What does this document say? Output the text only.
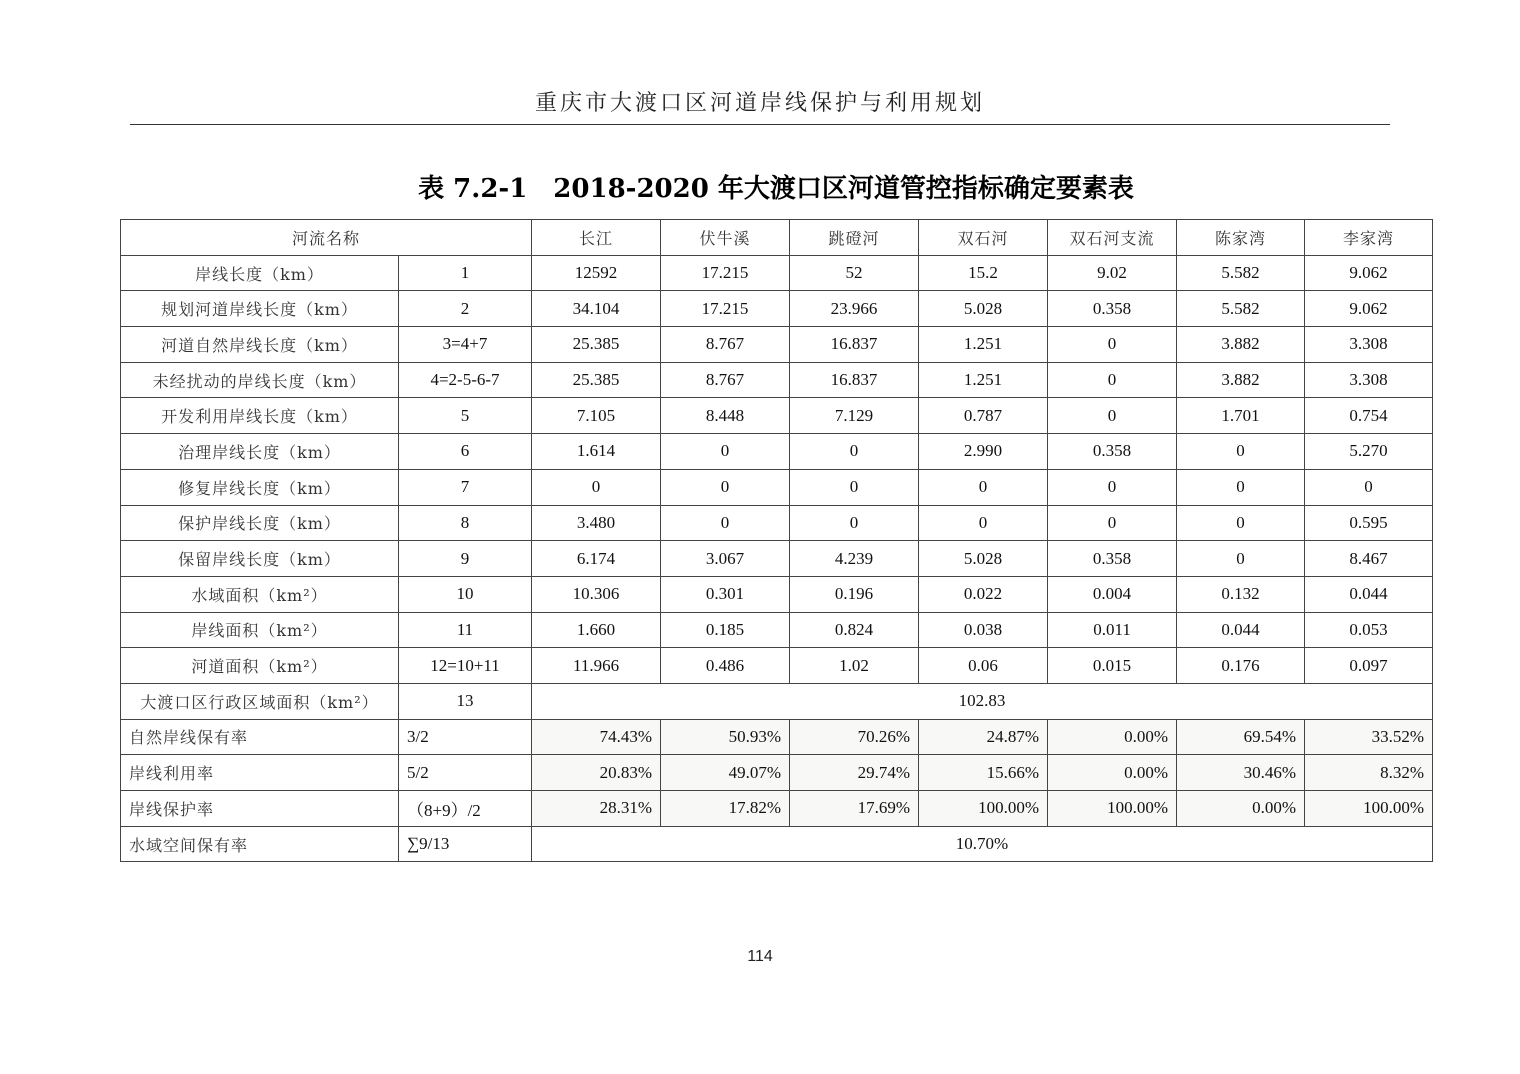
重庆市大渡口区河道岸线保护与利用规划
表 7.2-1　2018-2020 年大渡口区河道管控指标确定要素表
河流名称		长江	伏牛溪	跳磴河	双石河	双石河支流	陈家湾	李家湾
岸线长度（km）	1	12592	17.215	52	15.2	9.02	5.582	9.062
规划河道岸线长度（km）	2	34.104	17.215	23.966	5.028	0.358	5.582	9.062
河道自然岸线长度（km）	3=4+7	25.385	8.767	16.837	1.251	0	3.882	3.308
未经扰动的岸线长度（km）	4=2-5-6-7	25.385	8.767	16.837	1.251	0	3.882	3.308
开发利用岸线长度（km）	5	7.105	8.448	7.129	0.787	0	1.701	0.754
治理岸线长度（km）	6	1.614	0	0	2.990	0.358	0	5.270
修复岸线长度（km）	7	0	0	0	0	0	0	0
保护岸线长度（km）	8	3.480	0	0	0	0	0	0.595
保留岸线长度（km）	9	6.174	3.067	4.239	5.028	0.358	0	8.467
水域面积（km²）	10	10.306	0.301	0.196	0.022	0.004	0.132	0.044
岸线面积（km²）	11	1.660	0.185	0.824	0.038	0.011	0.044	0.053
河道面积（km²）	12=10+11	11.966	0.486	1.02	0.06	0.015	0.176	0.097
大渡口区行政区域面积（km²）	13	102.83						
自然岸线保有率	3/2	74.43%	50.93%	70.26%	24.87%	0.00%	69.54%	33.52%
岸线利用率	5/2	20.83%	49.07%	29.74%	15.66%	0.00%	30.46%	8.32%
岸线保护率	（8+9）/2	28.31%	17.82%	17.69%	100.00%	100.00%	0.00%	100.00%
水域空间保有率	∑9/13	10.70%						
114
